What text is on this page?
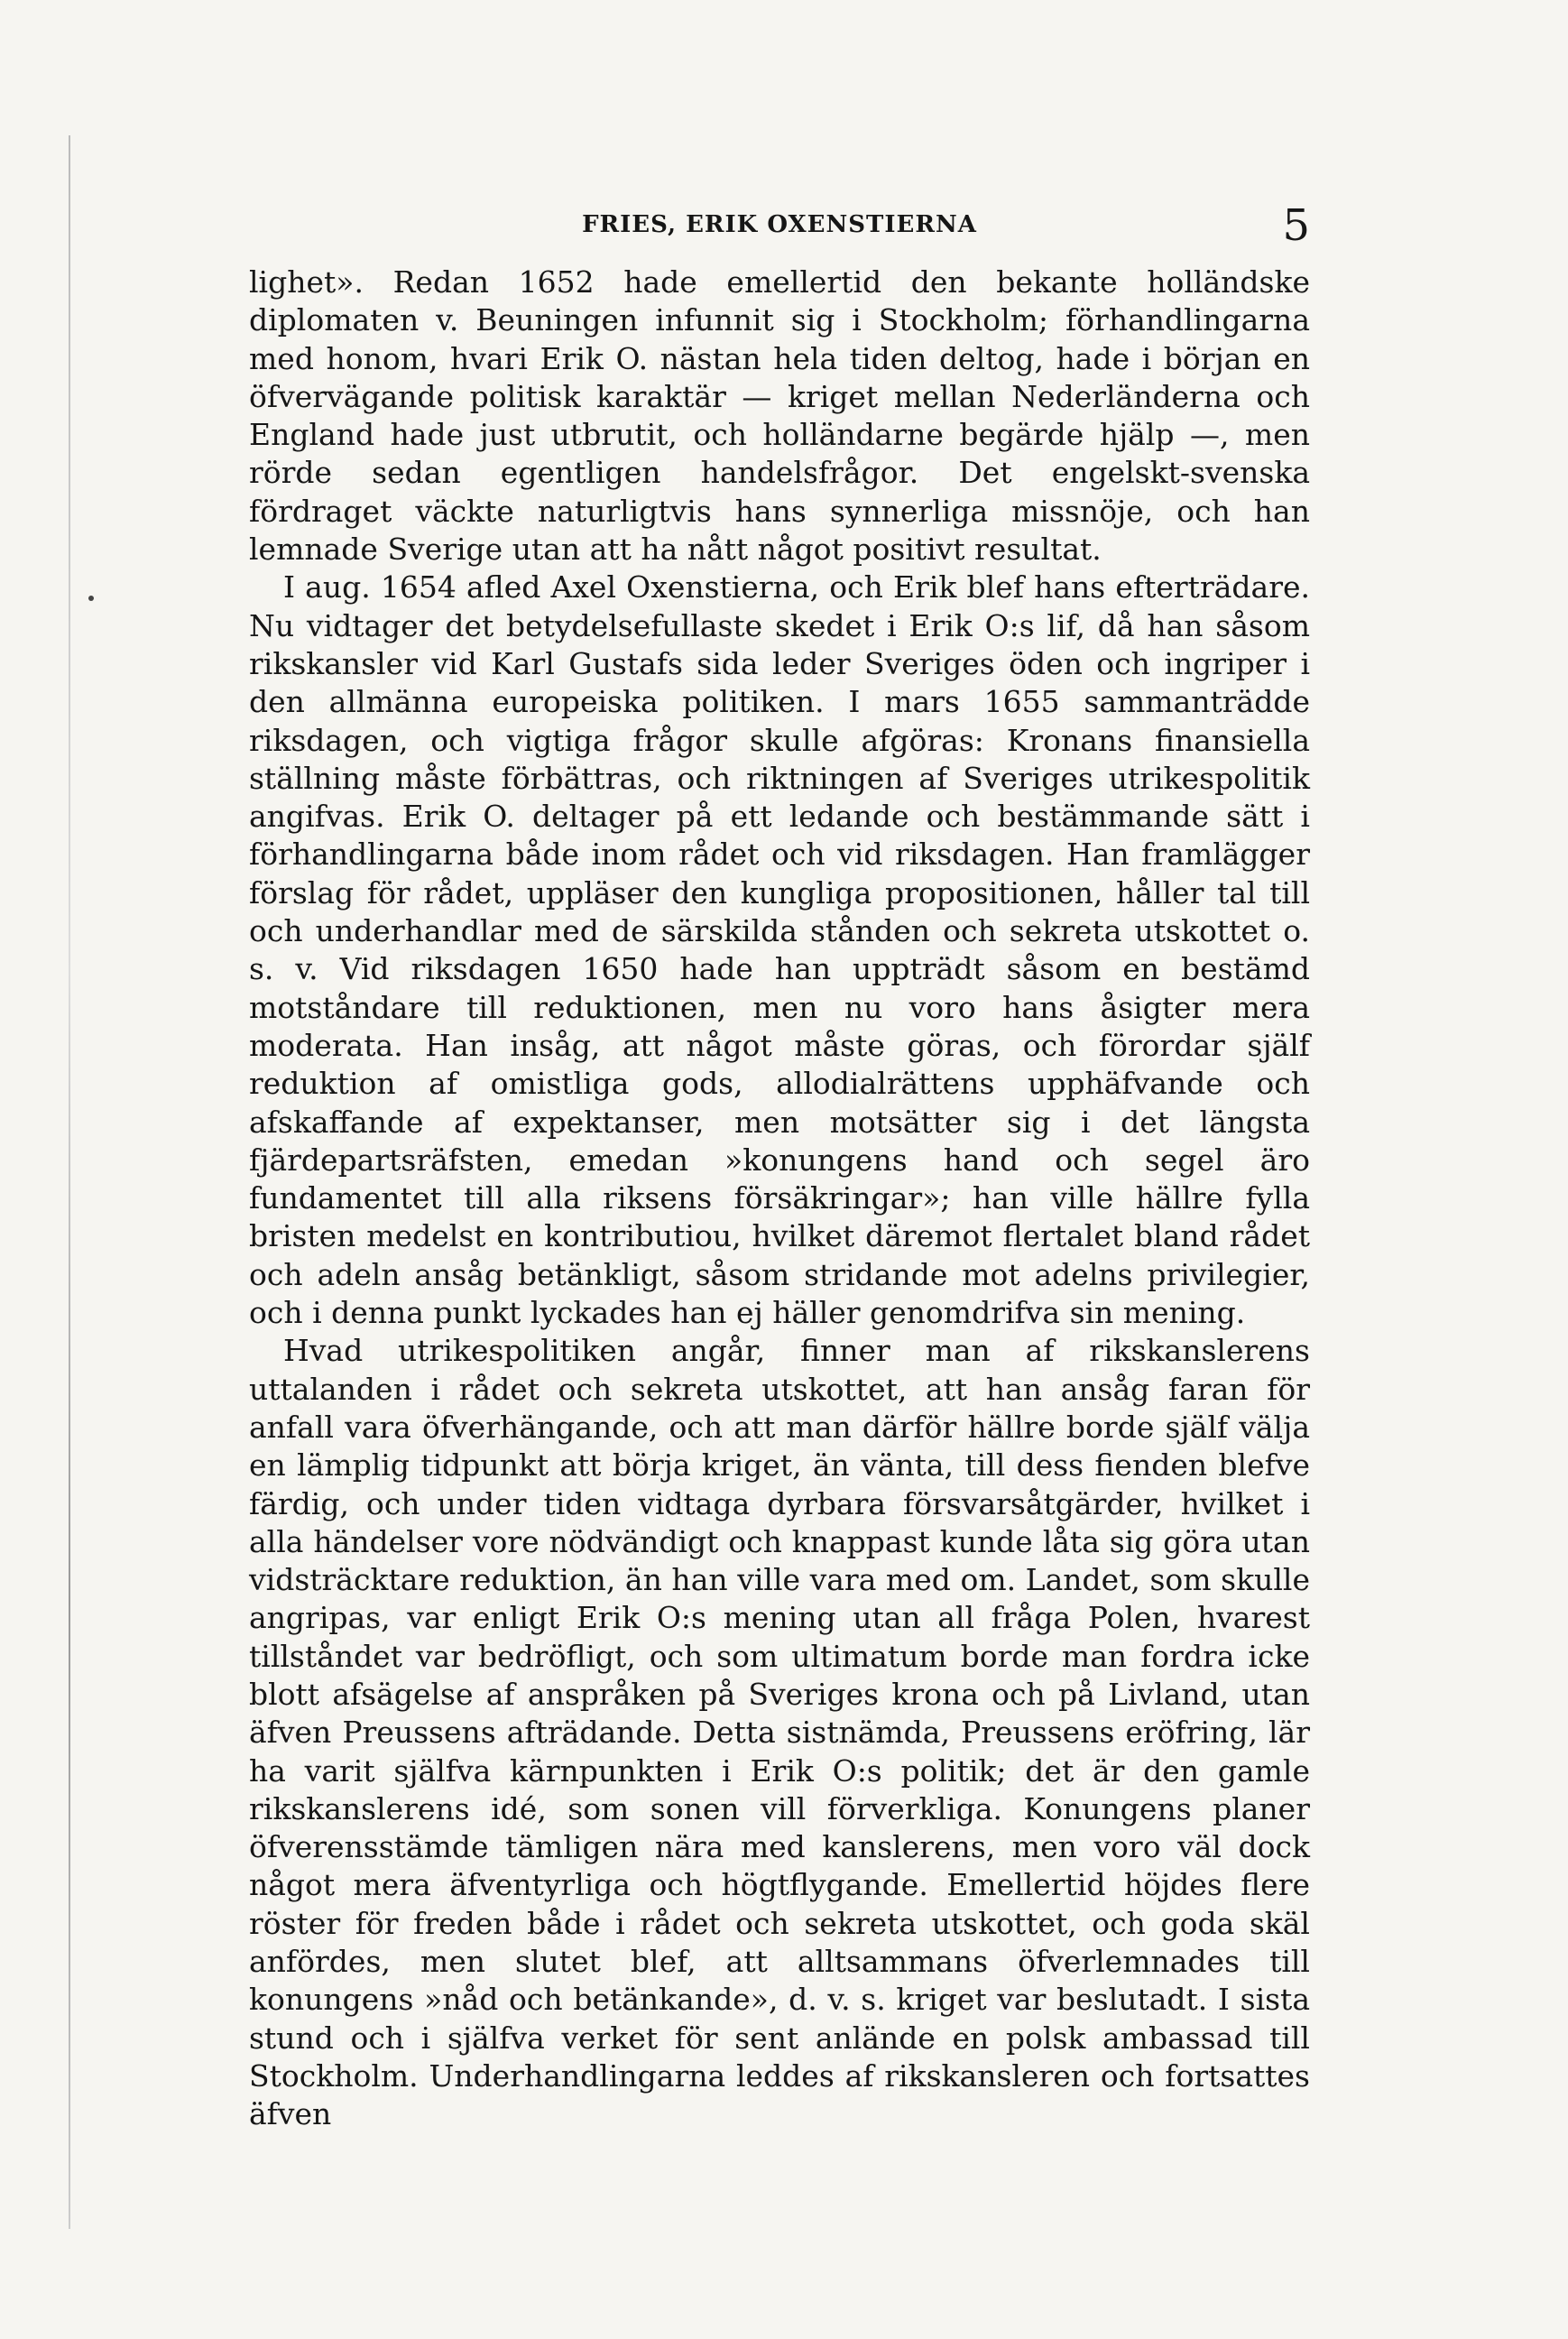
FRIES, ERIK OXENSTIERNA	5

lighet». Redan 1652 hade emellertid den bekante holländske diplomaten v. Beuningen infunnit sig i Stockholm; förhandlingarna med honom, hvari Erik O. nästan hela tiden deltog, hade i början en öfvervägande politisk karaktär — kriget mellan Nederländerna och England hade just utbrutit, och holländarne begärde hjälp —, men rörde sedan egentligen handelsfrågor. Det engelskt-svenska fördraget väckte naturligtvis hans synnerliga missnöje, och han lemnade Sverige utan att ha nått något positivt resultat.

I aug. 1654 afled Axel Oxenstierna, och Erik blef hans efterträdare. Nu vidtager det betydelsefullaste skedet i Erik O:s lif, då han såsom rikskansler vid Karl Gustafs sida leder Sveriges öden och ingriper i den allmänna europeiska politiken. I mars 1655 sammanträdde riksdagen, och vigtiga frågor skulle afgöras: Kronans finansiella ställning måste förbättras, och riktningen af Sveriges utrikespolitik angifvas. Erik O. deltager på ett ledande och bestämmande sätt i förhandlingarna både inom rådet och vid riksdagen. Han framlägger förslag för rådet, uppläser den kungliga propositionen, håller tal till och underhandlar med de särskilda stånden och sekreta utskottet o. s. v. Vid riksdagen 1650 hade han uppträdt såsom en bestämd motståndare till reduktionen, men nu voro hans åsigter mera moderata. Han insåg, att något måste göras, och förordar själf reduktion af omistliga gods, allodialrättens upphäfvande och afskaffande af expektanser, men motsätter sig i det längsta fjärdepartsräfsten, emedan »konungens hand och segel äro fundamentet till alla riksens försäkringar»; han ville hällre fylla bristen medelst en kontributiou, hvilket däremot flertalet bland rådet och adeln ansåg betänkligt, såsom stridande mot adelns privilegier, och i denna punkt lyckades han ej häller genomdrifva sin mening.

Hvad utrikespolitiken angår, finner man af rikskanslerens uttalanden i rådet och sekreta utskottet, att han ansåg faran för anfall vara öfverhängande, och att man därför hällre borde själf välja en lämplig tidpunkt att börja kriget, än vänta, till dess fienden blefve färdig, och under tiden vidtaga dyrbara försvarsåtgärder, hvilket i alla händelser vore nödvändigt och knappast kunde låta sig göra utan vidsträcktare reduktion, än han ville vara med om. Landet, som skulle angripas, var enligt Erik O:s mening utan all fråga Polen, hvarest tillståndet var bedröfligt, och som ultimatum borde man fordra icke blott afsägelse af anspråken på Sveriges krona och på Livland, utan äfven Preussens afträdande. Detta sistnämda, Preussens eröfring, lär ha varit själfva kärnpunkten i Erik O:s politik; det är den gamle rikskanslerens idé, som sonen vill förverkliga. Konungens planer öfverensstämde tämligen nära med kanslerens, men voro väl dock något mera äfventyrliga och högtflygande. Emellertid höjdes flere röster för freden både i rådet och sekreta utskottet, och goda skäl anfördes, men slutet blef, att alltsammans öfverlemnades till konungens »nåd och betänkande», d. v. s. kriget var beslutadt. I sista stund och i själfva verket för sent anlände en polsk ambassad till Stockholm. Underhandlingarna leddes af rikskansleren och fortsattes äfven
